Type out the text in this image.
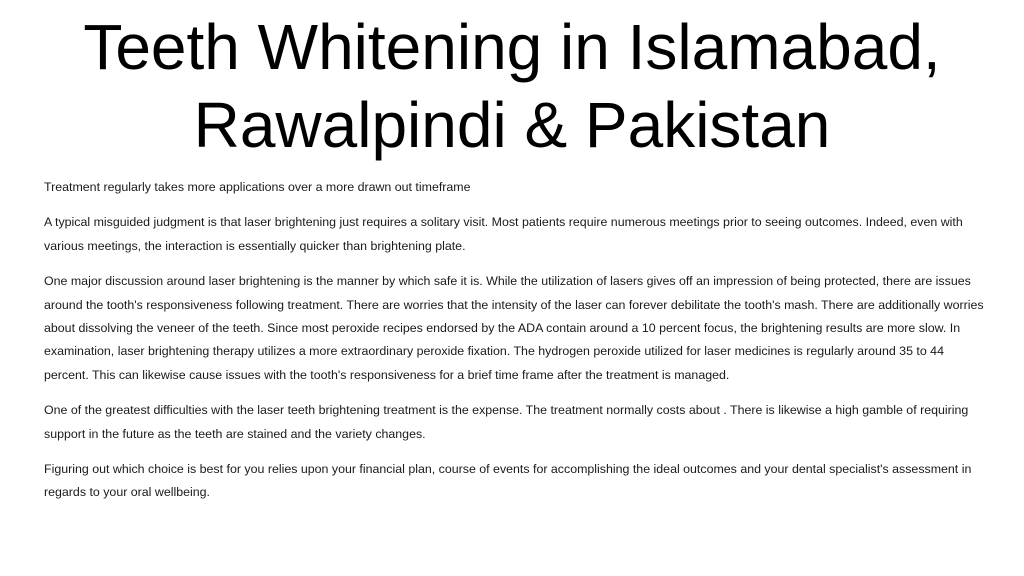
Teeth Whitening in Islamabad, Rawalpindi & Pakistan

Treatment regularly takes more applications over a more drawn out timeframe

A typical misguided judgment is that laser brightening just requires a solitary visit. Most patients require numerous meetings prior to seeing outcomes. Indeed, even with various meetings, the interaction is essentially quicker than brightening plate.

One major discussion around laser brightening is the manner by which safe it is. While the utilization of lasers gives off an impression of being protected, there are issues around the tooth's responsiveness following treatment. There are worries that the intensity of the laser can forever debilitate the tooth's mash. There are additionally worries about dissolving the veneer of the teeth. Since most peroxide recipes endorsed by the ADA contain around a 10 percent focus, the brightening results are more slow. In examination, laser brightening therapy utilizes a more extraordinary peroxide fixation. The hydrogen peroxide utilized for laser medicines is regularly around 35 to 44 percent. This can likewise cause issues with the tooth's responsiveness for a brief time frame after the treatment is managed.

One of the greatest difficulties with the laser teeth brightening treatment is the expense. The treatment normally costs about . There is likewise a high gamble of requiring support in the future as the teeth are stained and the variety changes.

Figuring out which choice is best for you relies upon your financial plan, course of events for accomplishing the ideal outcomes and your dental specialist's assessment in regards to your oral wellbeing.
